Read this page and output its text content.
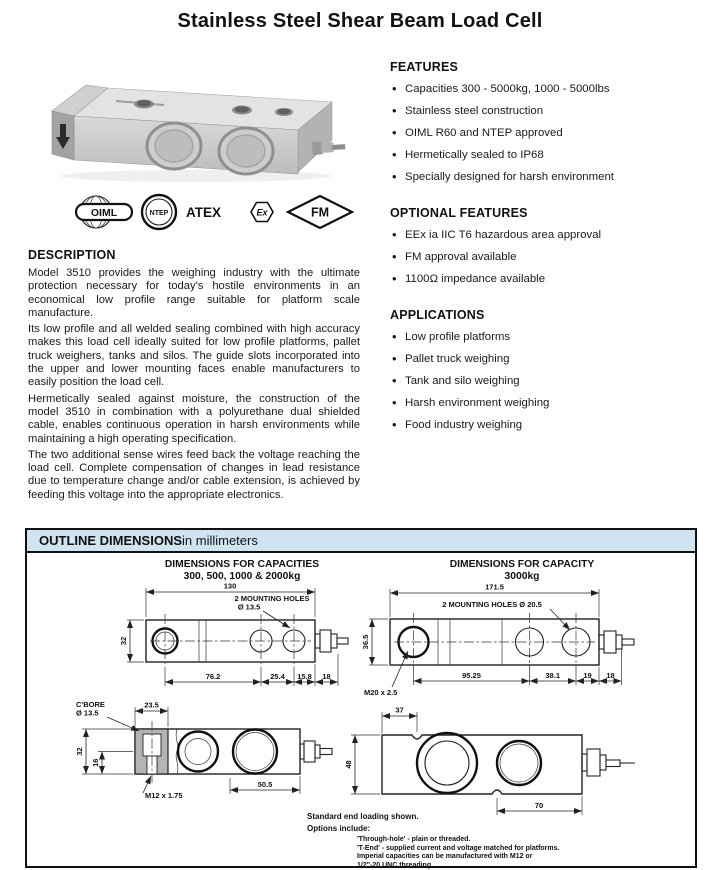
Stainless Steel Shear Beam Load Cell
OIML	NTEP ATEX	Ex	FM
DESCRIPTION

Model 3510 provides the weighing industry with the ultimate protection necessary for today's hostile environments in an economical low profile range suitable for platform scale manufacture.

Its low profile and all welded sealing combined with high accuracy makes this load cell ideally suited for low profile platforms, pallet truck weighers, tanks and silos. The guide slots incorporated into the upper and lower mounting faces enable manufacturers to easily position the load cell.

Hermetically sealed against moisture, the construction of the model 3510 in combination with a polyurethane dual shielded cable, enables continuous operation in harsh environments while maintaining a high operating specification.

The two additional sense wires feed back the voltage reaching the load cell. Complete compensation of changes in lead resistance due to temperature change and/or cable extension, is achieved by feeding this voltage into the appropriate electronics.

FEATURES
• Capacities 300 - 5000kg, 1000 - 5000lbs
• Stainless steel construction
• OIML R60 and NTEP approved
• Hermetically sealed to IP68
• Specially designed for harsh environment
OPTIONAL FEATURES
• EEx ia IIC T6 hazardous area approval
• FM approval available
• 1100Ω impedance available
APPLICATIONS
• Low profile platforms
• Pallet truck weighing
• Tank and silo weighing
• Harsh environment weighing
• Food industry weighing
OUTLINE DIMENSIONS in millimeters
DIMENSIONS FOR CAPACITIES
300, 500, 1000 & 2000kg
DIMENSIONS FOR CAPACITY
3000kg
130
2 MOUNTING HOLES
Ø 13.5
32
76.2	25.4 15.8 18
171.5
2 MOUNTING HOLES Ø 20.5
36.5
M20 x 2.5
95.25	38.1	19 18
23.5
C'BORE
Ø 13.5
32
16
M12 x 1.75
50.5
37
48
70
Standard end loading shown.
Options include:
'Through-hole' - plain or threaded.
'T-End' - supplied current and voltage matched for platforms.
Imperial capacities can be manufactured with M12 or
1/2"-20 UNC threading
